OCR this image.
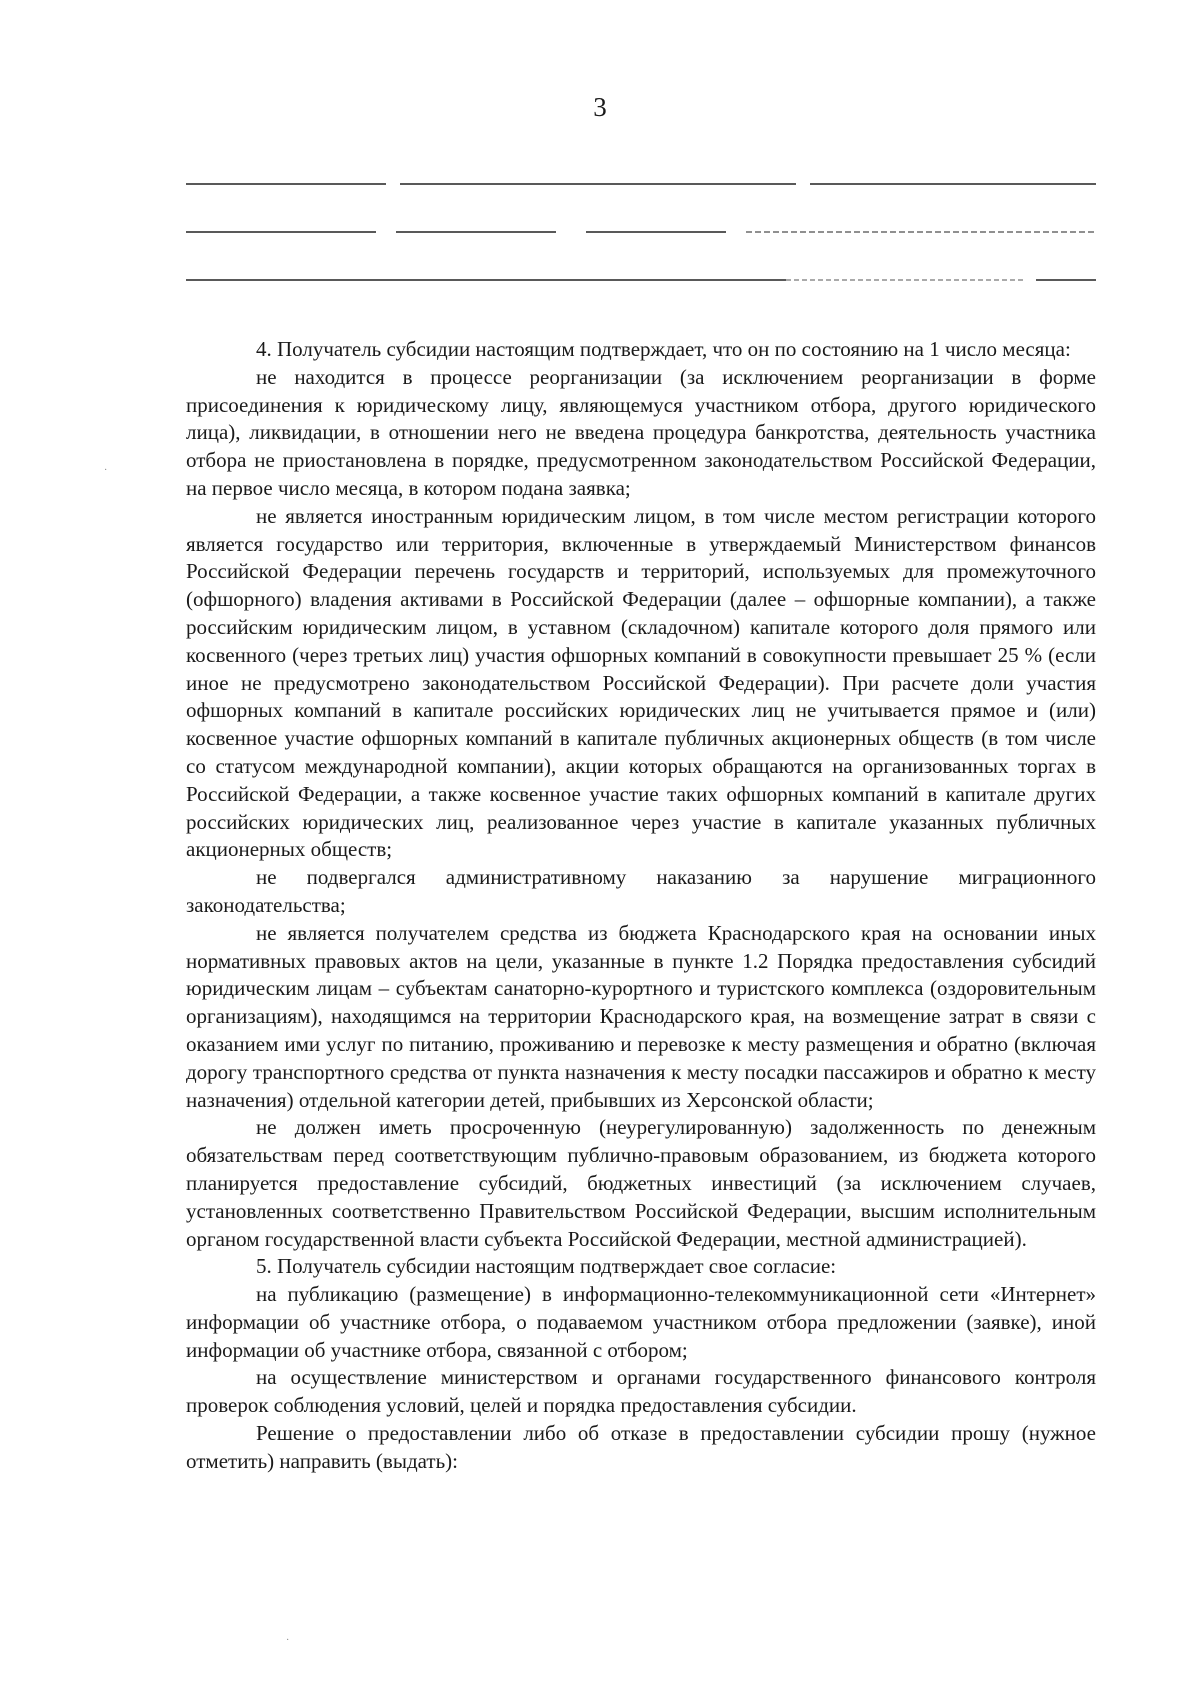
3

4. Получатель субсидии настоящим подтверждает, что он по состоянию на 1 число месяца:

не находится в процессе реорганизации (за исключением реорганизации в форме присоединения к юридическому лицу, являющемуся участником отбора, другого юридического лица), ликвидации, в отношении него не введена процедура банкротства, деятельность участника отбора не приостановлена в порядке, предусмотренном законодательством Российской Федерации, на первое число месяца, в котором подана заявка;

не является иностранным юридическим лицом, в том числе местом регистрации которого является государство или территория, включенные в утверждаемый Министерством финансов Российской Федерации перечень государств и территорий, используемых для промежуточного (офшорного) владения активами в Российской Федерации (далее – офшорные компании), а также российским юридическим лицом, в уставном (складочном) капитале которого доля прямого или косвенного (через третьих лиц) участия офшорных компаний в совокупности превышает 25 % (если иное не предусмотрено законодательством Российской Федерации). При расчете доли участия офшорных компаний в капитале российских юридических лиц не учитывается прямое и (или) косвенное участие офшорных компаний в капитале публичных акционерных обществ (в том числе со статусом международной компании), акции которых обращаются на организованных торгах в Российской Федерации, а также косвенное участие таких офшорных компаний в капитале других российских юридических лиц, реализованное через участие в капитале указанных публичных акционерных обществ;

не подвергался административному наказанию за нарушение миграционного законодательства;

не является получателем средства из бюджета Краснодарского края на основании иных нормативных правовых актов на цели, указанные в пункте 1.2 Порядка предоставления субсидий юридическим лицам – субъектам санаторно-курортного и туристского комплекса (оздоровительным организациям), находящимся на территории Краснодарского края, на возмещение затрат в связи с оказанием ими услуг по питанию, проживанию и перевозке к месту размещения и обратно (включая дорогу транспортного средства от пункта назначения к месту посадки пассажиров и обратно к месту назначения) отдельной категории детей, прибывших из Херсонской области;

не должен иметь просроченную (неурегулированную) задолженность по денежным обязательствам перед соответствующим публично-правовым образованием, из бюджета которого планируется предоставление субсидий, бюджетных инвестиций (за исключением случаев, установленных соответственно Правительством Российской Федерации, высшим исполнительным органом государственной власти субъекта Российской Федерации, местной администрацией).

5. Получатель субсидии настоящим подтверждает свое согласие:

на публикацию (размещение) в информационно-телекоммуникационной сети «Интернет» информации об участнике отбора, о подаваемом участником отбора предложении (заявке), иной информации об участнике отбора, связанной с отбором;

на осуществление министерством и органами государственного финансового контроля проверок соблюдения условий, целей и порядка предоставления субсидии.

Решение о предоставлении либо об отказе в предоставлении субсидии прошу (нужное отметить) направить (выдать):

·
·
